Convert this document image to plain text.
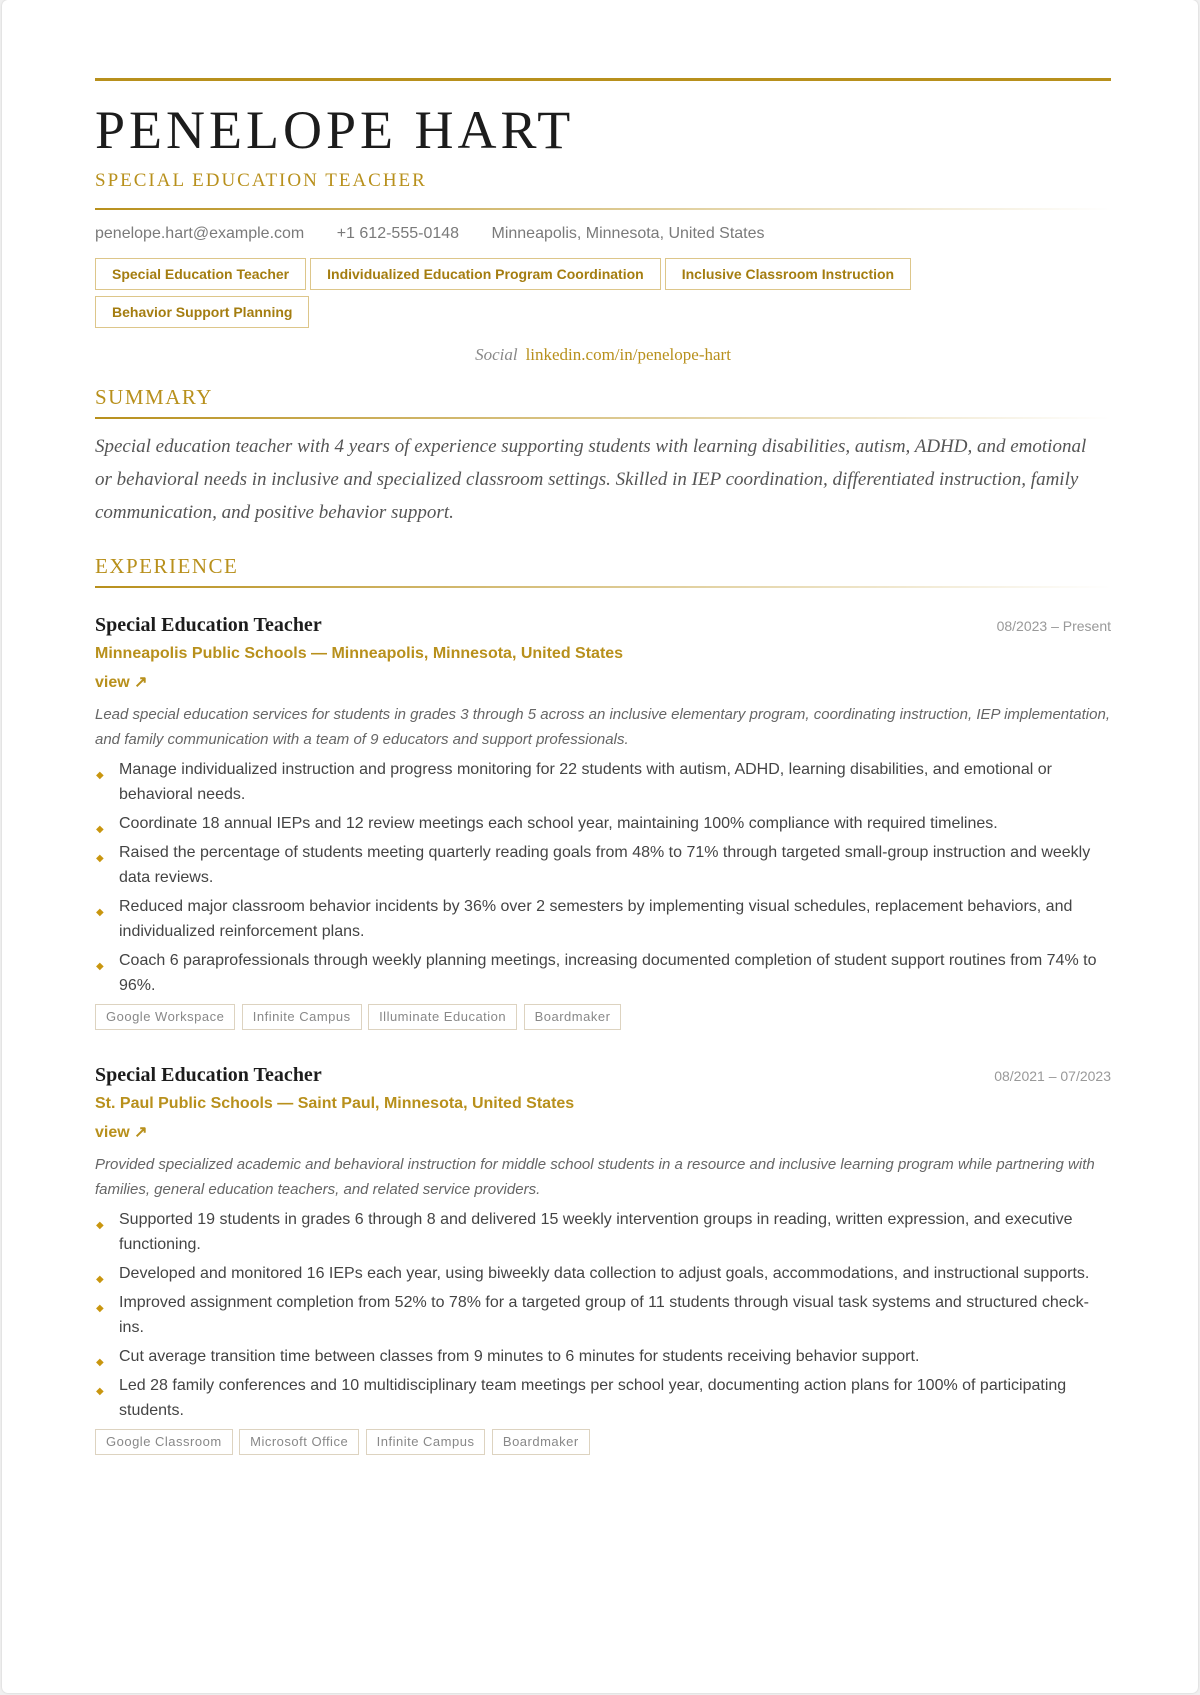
PENELOPE HART
SPECIAL EDUCATION TEACHER
penelope.hart@example.com +1 612-555-0148 Minneapolis, Minnesota, United States
Special Education Teacher	Individualized Education Program Coordination	Inclusive Classroom Instruction
Behavior Support Planning
Social linkedin.com/in/penelope-hart
SUMMARY
Special education teacher with 4 years of experience supporting students with learning disabilities, autism, ADHD, and emotional or behavioral needs in inclusive and specialized classroom settings. Skilled in IEP coordination, differentiated instruction, family communication, and positive behavior support.
EXPERIENCE
Special Education Teacher	08/2023 – Present
Minneapolis Public Schools — Minneapolis, Minnesota, United States
view ↗
Lead special education services for students in grades 3 through 5 across an inclusive elementary program, coordinating instruction, IEP implementation, and family communication with a team of 9 educators and support professionals.
◆ Manage individualized instruction and progress monitoring for 22 students with autism, ADHD, learning disabilities, and emotional or behavioral needs.
◆ Coordinate 18 annual IEPs and 12 review meetings each school year, maintaining 100% compliance with required timelines.
◆ Raised the percentage of students meeting quarterly reading goals from 48% to 71% through targeted small-group instruction and weekly data reviews.
◆ Reduced major classroom behavior incidents by 36% over 2 semesters by implementing visual schedules, replacement behaviors, and individualized reinforcement plans.
◆ Coach 6 paraprofessionals through weekly planning meetings, increasing documented completion of student support routines from 74% to 96%.
Google Workspace Infinite Campus Illuminate Education Boardmaker
Special Education Teacher	08/2021 – 07/2023
St. Paul Public Schools — Saint Paul, Minnesota, United States
view ↗
Provided specialized academic and behavioral instruction for middle school students in a resource and inclusive learning program while partnering with families, general education teachers, and related service providers.
◆ Supported 19 students in grades 6 through 8 and delivered 15 weekly intervention groups in reading, written expression, and executive functioning.
◆ Developed and monitored 16 IEPs each year, using biweekly data collection to adjust goals, accommodations, and instructional supports.
◆ Improved assignment completion from 52% to 78% for a targeted group of 11 students through visual task systems and structured check-ins.
◆ Cut average transition time between classes from 9 minutes to 6 minutes for students receiving behavior support.
◆ Led 28 family conferences and 10 multidisciplinary team meetings per school year, documenting action plans for 100% of participating students.
Google Classroom Microsoft Office Infinite Campus Boardmaker
